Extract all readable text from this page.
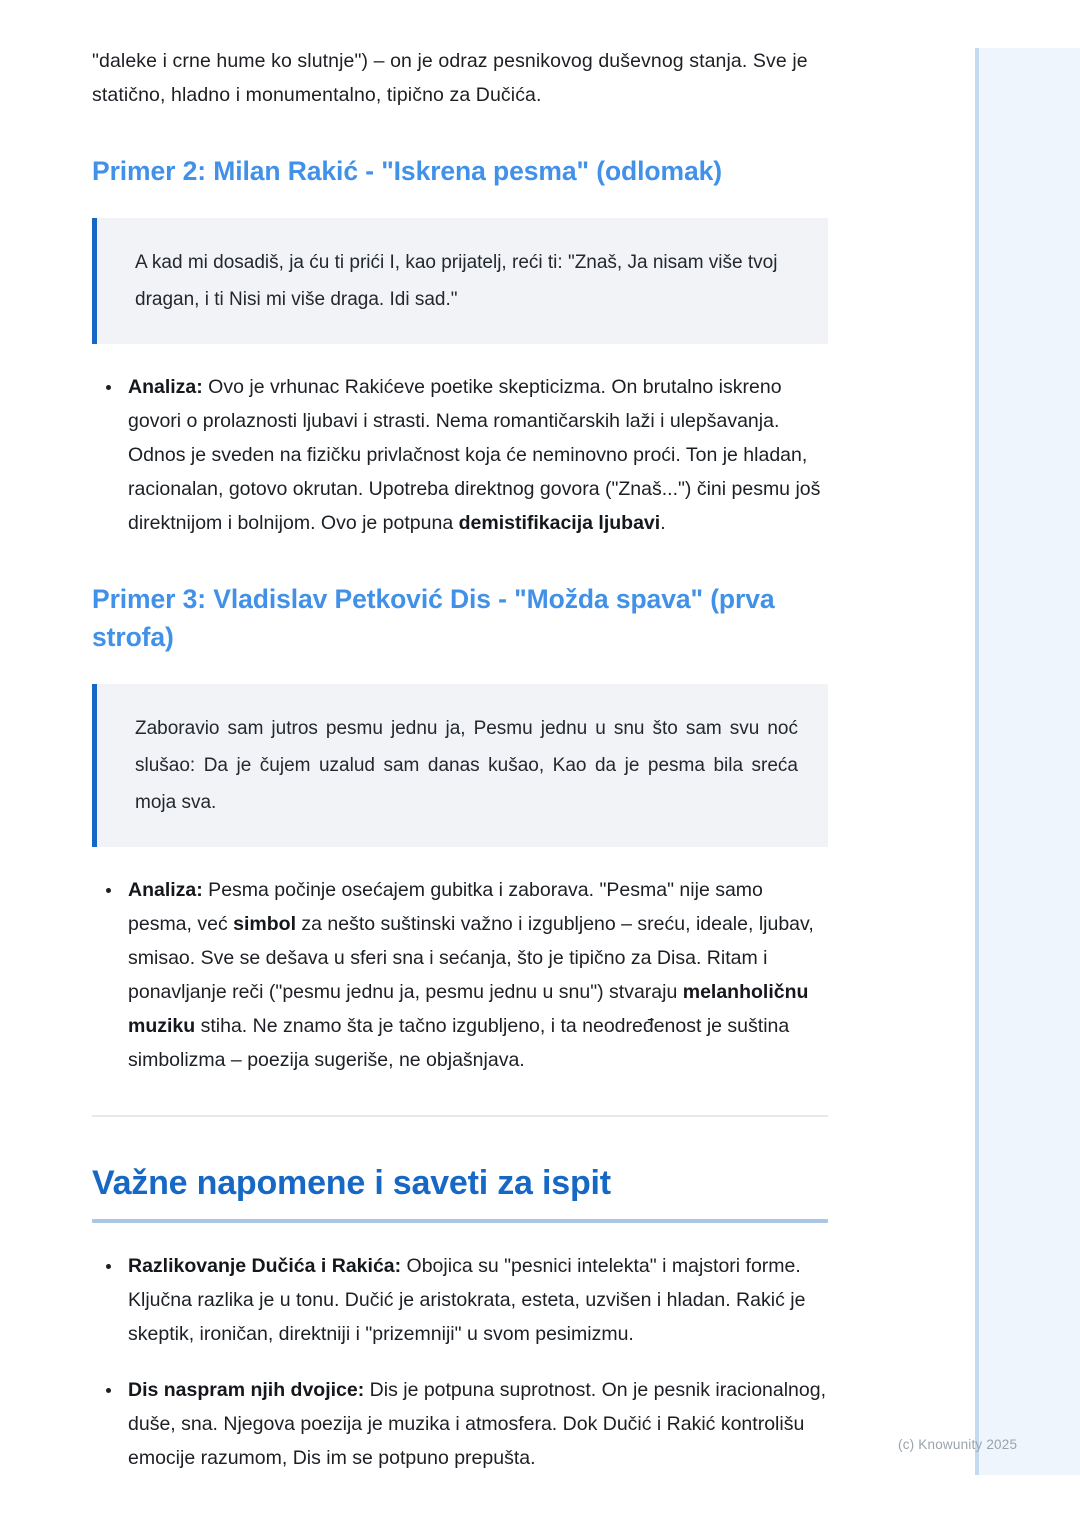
"daleke i crne hume ko slutnje") – on je odraz pesnikovog duševnog stanja. Sve je statično, hladno i monumentalno, tipično za Dučića.

Primer 2: Milan Rakić - "Iskrena pesma" (odlomak)

A kad mi dosadiš, ja ću ti prići I, kao prijatelj, reći ti: "Znaš, Ja nisam više tvoj dragan, i ti Nisi mi više draga. Idi sad."

Analiza: Ovo je vrhunac Rakićeve poetike skepticizma. On brutalno iskreno govori o prolaznosti ljubavi i strasti. Nema romantičarskih laži i ulepšavanja. Odnos je sveden na fizičku privlačnost koja će neminovno proći. Ton je hladan, racionalan, gotovo okrutan. Upotreba direktnog govora ("Znaš...") čini pesmu još direktnijom i bolnijom. Ovo je potpuna demistifikacija ljubavi.
Primer 3: Vladislav Petković Dis - "Možda spava" (prva strofa)

Zaboravio sam jutros pesmu jednu ja, Pesmu jednu u snu što sam svu noć slušao: Da je čujem uzalud sam danas kušao, Kao da je pesma bila sreća moja sva.

Analiza: Pesma počinje osećajem gubitka i zaborava. "Pesma" nije samo pesma, već simbol za nešto suštinski važno i izgubljeno – sreću, ideale, ljubav, smisao. Sve se dešava u sferi sna i sećanja, što je tipično za Disa. Ritam i ponavljanje reči ("pesmu jednu ja, pesmu jednu u snu") stvaraju melanholičnu muziku stiha. Ne znamo šta je tačno izgubljeno, i ta neodređenost je suština simbolizma – poezija sugeriše, ne objašnjava.
Važne napomene i saveti za ispit
Razlikovanje Dučića i Rakića: Obojica su "pesnici intelekta" i majstori forme. Ključna razlika je u tonu. Dučić je aristokrata, esteta, uzvišen i hladan. Rakić je skeptik, ironičan, direktniji i "prizemniji" u svom pesimizmu.
Dis naspram njih dvojice: Dis je potpuna suprotnost. On je pesnik iracionalnog, duše, sna. Njegova poezija je muzika i atmosfera. Dok Dučić i Rakić kontrolišu emocije razumom, Dis im se potpuno prepušta.
(c) Knowunity 2025
